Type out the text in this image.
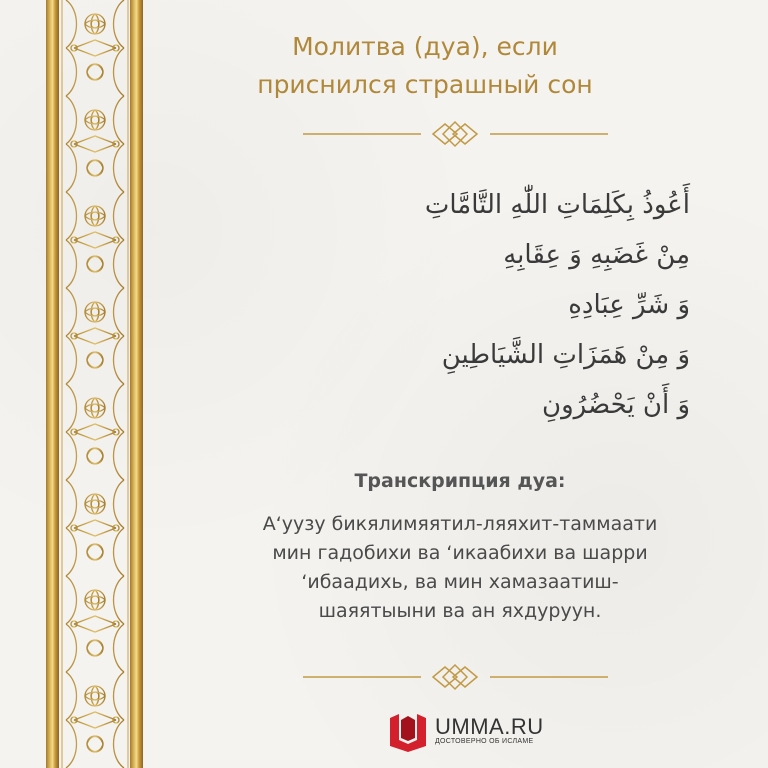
Молитва (дуа), если
приснился страшный сон
أَعُوذُ بِكَلِمَاتِ اللّٰهِ التَّامَّاتِ
مِنْ غَضَبِهِ وَ عِقَابِهِ
وَ شَرِّ عِبَادِهِ
وَ مِنْ هَمَزَاتِ الشَّيَاطِينِ
وَ أَنْ يَحْضُرُونِ
Транскрипция дуа:
А‘уузу бикялимяятил-ляяхит-таммаати
мин гадобихи ва ‘икаабихи ва шарри
‘ибаадихь, ва мин хамазаатиш-
шаяятыыни ва ан яхдуруун.
UMMA.RU
ДОСТОВЕРНО ОБ ИСЛАМЕ
